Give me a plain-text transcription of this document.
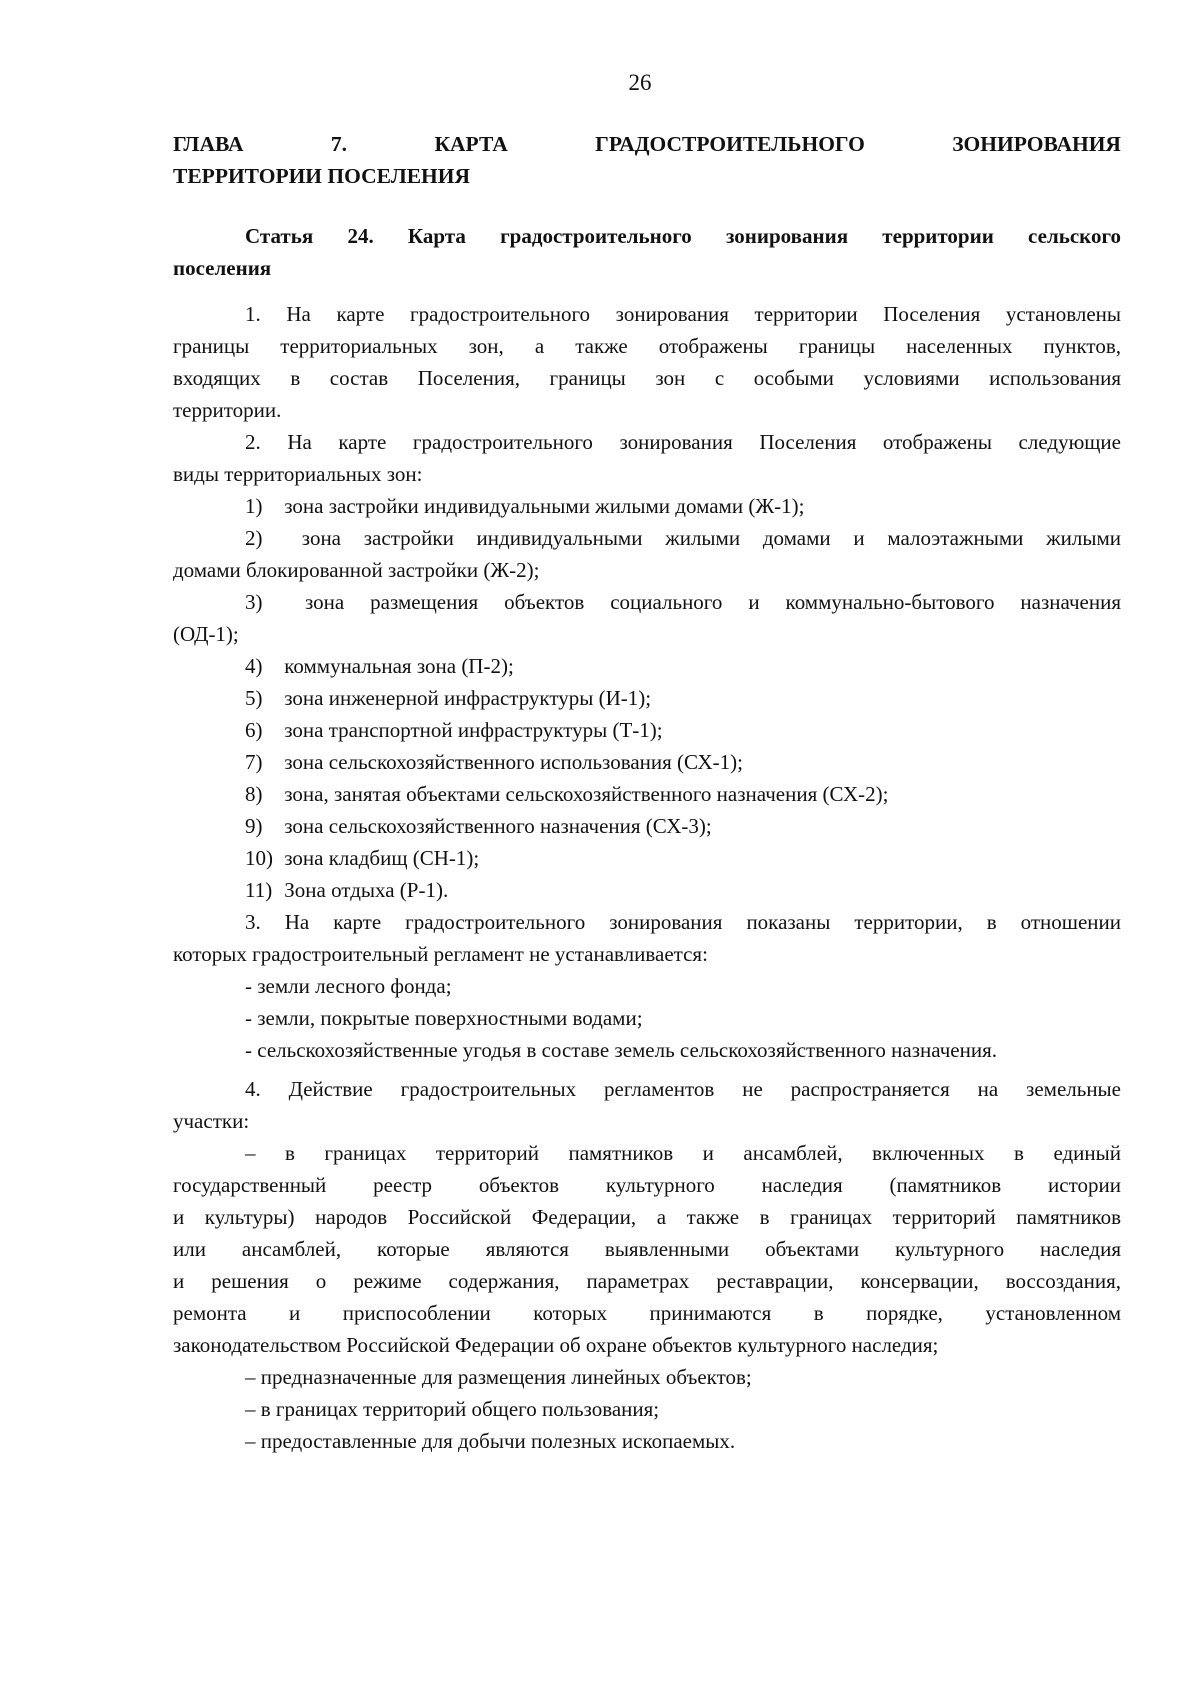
26
ГЛАВА	7.	КАРТА	ГРАДОСТРОИТЕЛЬНОГО	ЗОНИРОВАНИЯ
ТЕРРИТОРИИ ПОСЕЛЕНИЯ
Статья 24. Карта градостроительного зонирования территории сельского
поселения
1. На карте градостроительного зонирования территории Поселения установлены
границы территориальных зон, а также отображены границы населенных пунктов,
входящих в состав Поселения, границы зон с особыми условиями использования
территории.
2. На карте градостроительного зонирования Поселения отображены следующие
виды территориальных зон:
1) зона застройки индивидуальными жилыми домами (Ж-1);
2) зона застройки индивидуальными жилыми домами и малоэтажными жилыми
домами блокированной застройки (Ж-2);
3) зона размещения объектов социального и коммунально-бытового назначения
(ОД-1);
4) коммунальная зона (П-2);
5) зона инженерной инфраструктуры (И-1);
6) зона транспортной инфраструктуры (Т-1);
7) зона сельскохозяйственного использования (СХ-1);
8) зона, занятая объектами сельскохозяйственного назначения (СХ-2);
9) зона сельскохозяйственного назначения (СХ-3);
10) зона кладбищ (СН-1);
11) Зона отдыха (Р-1).
3. На карте градостроительного зонирования показаны территории, в отношении
которых градостроительный регламент не устанавливается:
- земли лесного фонда;
- земли, покрытые поверхностными водами;
- сельскохозяйственные угодья в составе земель сельскохозяйственного назначения.
4. Действие градостроительных регламентов не распространяется на земельные
участки:
– в границах территорий памятников и ансамблей, включенных в единый
государственный реестр объектов культурного наследия (памятников истории
и культуры) народов Российской Федерации, а также в границах территорий памятников
или ансамблей, которые являются выявленными объектами культурного наследия
и решения о режиме содержания, параметрах реставрации, консервации, воссоздания,
ремонта и приспособлении которых принимаются в порядке, установленном
законодательством Российской Федерации об охране объектов культурного наследия;
– предназначенные для размещения линейных объектов;
– в границах территорий общего пользования;
– предоставленные для добычи полезных ископаемых.
